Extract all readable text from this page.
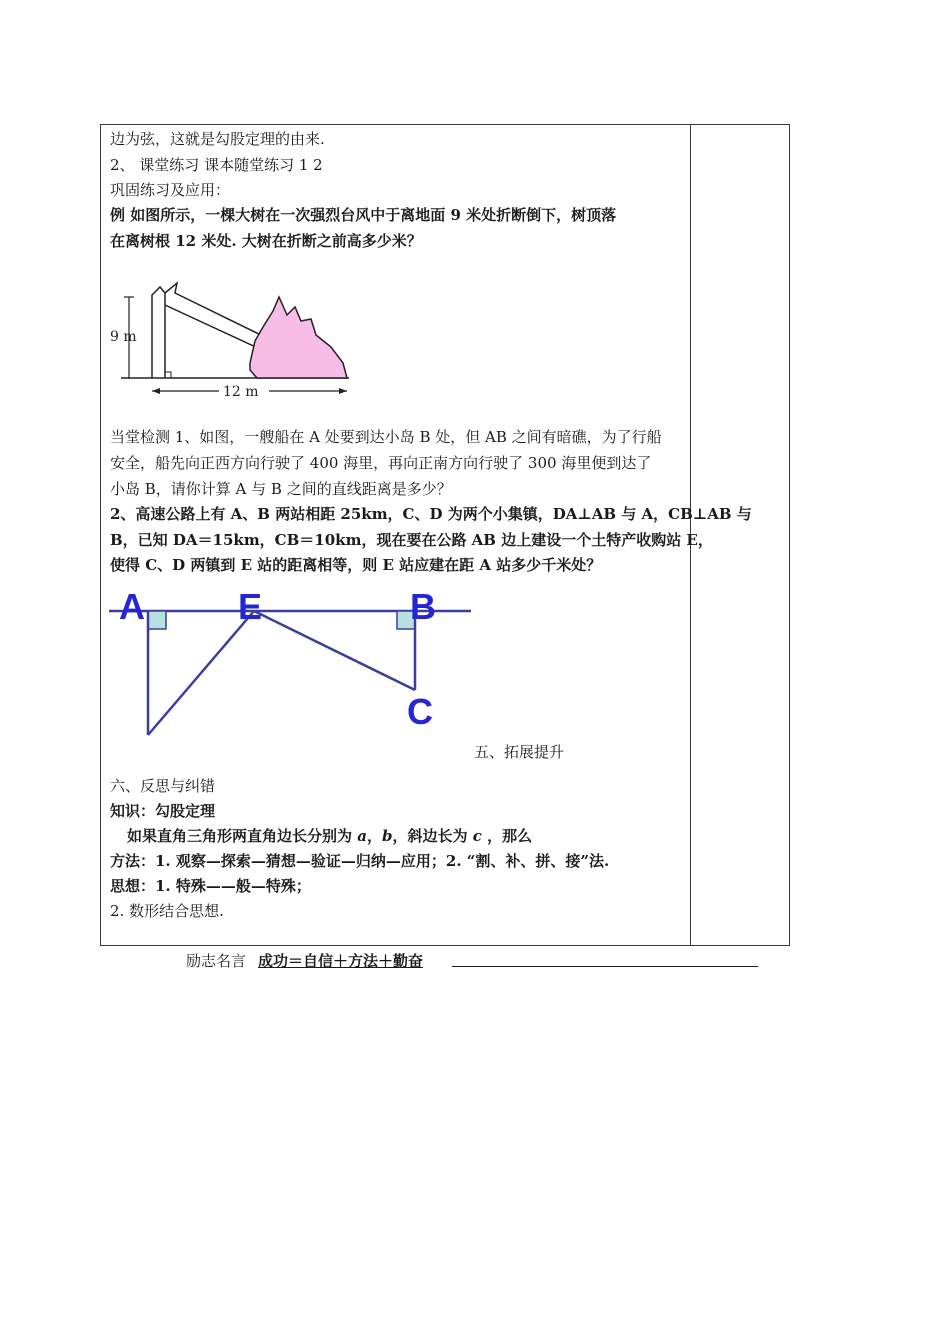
边为弦，这就是勾股定理的由来.
2、 课堂练习 课本随堂练习 1 2
巩固练习及应用：
例 如图所示，一棵大树在一次强烈台风中于离地面 9 米处折断倒下，树顶落
在离树根 12 米处. 大树在折断之前高多少米？
9 m
12 m
当堂检测 1、如图，一艘船在 A 处要到达小岛 B 处，但 AB 之间有暗礁，为了行船
安全，船先向正西方向行驶了 400 海里，再向正南方向行驶了 300 海里便到达了
小岛 B，请你计算 A 与 B 之间的直线距离是多少？
2、高速公路上有 A、B 两站相距 25km，C、D 为两个小集镇，DA⊥AB 与 A，CB⊥AB 与
B，已知 DA＝15km，CB＝10km，现在要在公路 AB 边上建设一个土特产收购站 E，
使得 C、D 两镇到 E 站的距离相等，则 E 站应建在距 A 站多少千米处？
A	E	B
C
五、拓展提升
六、反思与纠错
知识：勾股定理
如果直角三角形两直角边长分别为 a，b，斜边长为 c ，那么
方法：1. 观察—探索—猜想—验证—归纳—应用；2. “割、补、拼、接”法.
思想：1. 特殊——般—特殊；
2. 数形结合思想.
励志名言 成功＝自信＋方法＋勤奋
